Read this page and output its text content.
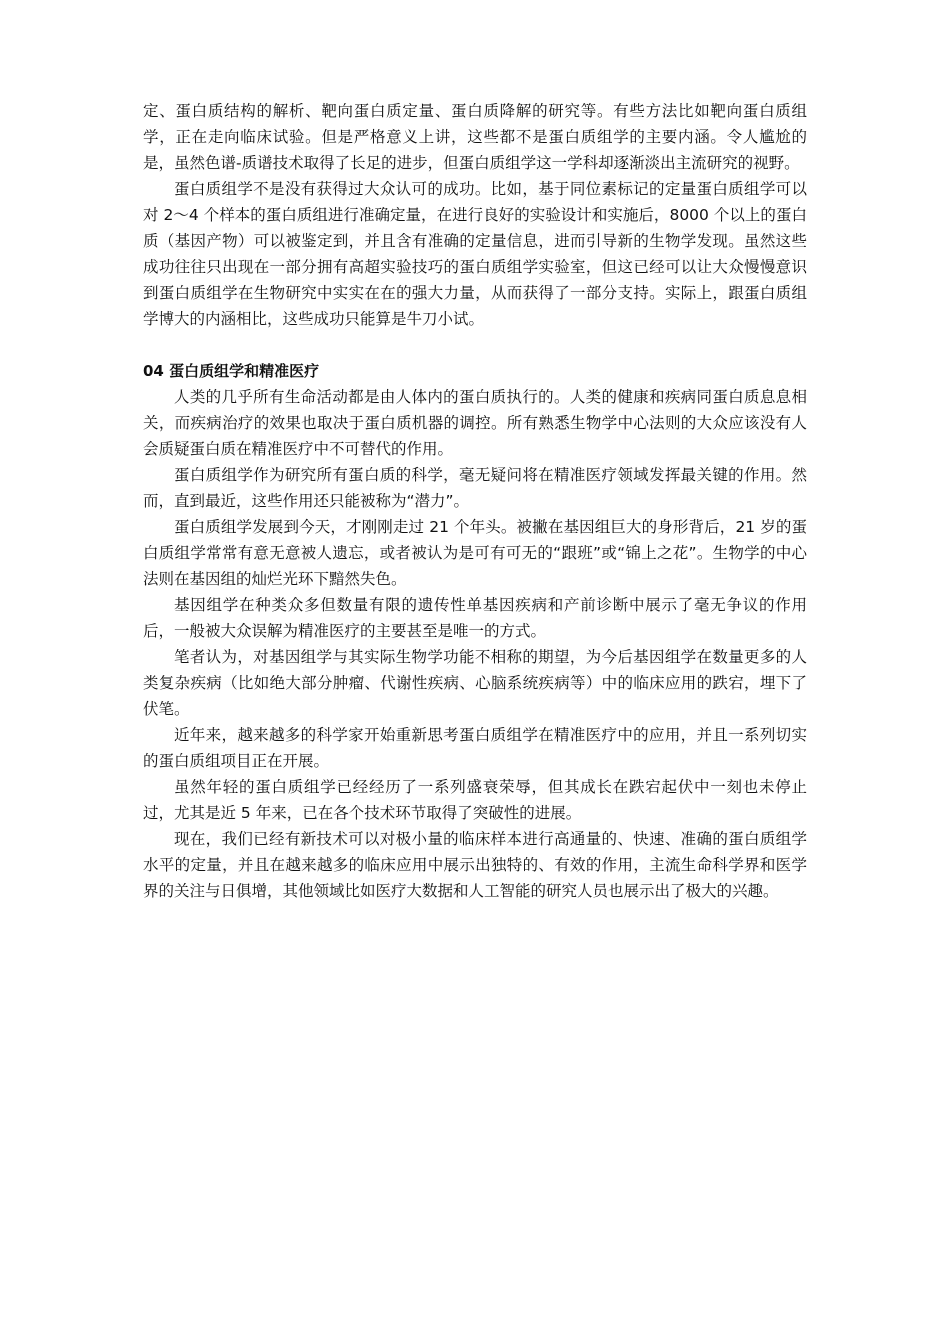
定、蛋白质结构的解析、靶向蛋白质定量、蛋白质降解的研究等。有些方法比如靶向蛋白质组学，正在走向临床试验。但是严格意义上讲，这些都不是蛋白质组学的主要内涵。令人尴尬的是，虽然色谱-质谱技术取得了长足的进步，但蛋白质组学这一学科却逐渐淡出主流研究的视野。

蛋白质组学不是没有获得过大众认可的成功。比如，基于同位素标记的定量蛋白质组学可以对 2～4 个样本的蛋白质组进行准确定量，在进行良好的实验设计和实施后，8000 个以上的蛋白质（基因产物）可以被鉴定到，并且含有准确的定量信息，进而引导新的生物学发现。虽然这些成功往往只出现在一部分拥有高超实验技巧的蛋白质组学实验室，但这已经可以让大众慢慢意识到蛋白质组学在生物研究中实实在在的强大力量，从而获得了一部分支持。实际上，跟蛋白质组学博大的内涵相比，这些成功只能算是牛刀小试。

04 蛋白质组学和精准医疗

人类的几乎所有生命活动都是由人体内的蛋白质执行的。人类的健康和疾病同蛋白质息息相关，而疾病治疗的效果也取决于蛋白质机器的调控。所有熟悉生物学中心法则的大众应该没有人会质疑蛋白质在精准医疗中不可替代的作用。

蛋白质组学作为研究所有蛋白质的科学，毫无疑问将在精准医疗领域发挥最关键的作用。然而，直到最近，这些作用还只能被称为“潜力”。

蛋白质组学发展到今天，才刚刚走过 21 个年头。被撇在基因组巨大的身形背后，21 岁的蛋白质组学常常有意无意被人遗忘，或者被认为是可有可无的“跟班”或“锦上之花”。生物学的中心法则在基因组的灿烂光环下黯然失色。

基因组学在种类众多但数量有限的遗传性单基因疾病和产前诊断中展示了毫无争议的作用后，一般被大众误解为精准医疗的主要甚至是唯一的方式。

笔者认为，对基因组学与其实际生物学功能不相称的期望，为今后基因组学在数量更多的人类复杂疾病（比如绝大部分肿瘤、代谢性疾病、心脑系统疾病等）中的临床应用的跌宕，埋下了伏笔。

近年来，越来越多的科学家开始重新思考蛋白质组学在精准医疗中的应用，并且一系列切实的蛋白质组项目正在开展。

虽然年轻的蛋白质组学已经经历了一系列盛衰荣辱，但其成长在跌宕起伏中一刻也未停止过，尤其是近 5 年来，已在各个技术环节取得了突破性的进展。

现在，我们已经有新技术可以对极小量的临床样本进行高通量的、快速、准确的蛋白质组学水平的定量，并且在越来越多的临床应用中展示出独特的、有效的作用，主流生命科学界和医学界的关注与日俱增，其他领域比如医疗大数据和人工智能的研究人员也展示出了极大的兴趣。
